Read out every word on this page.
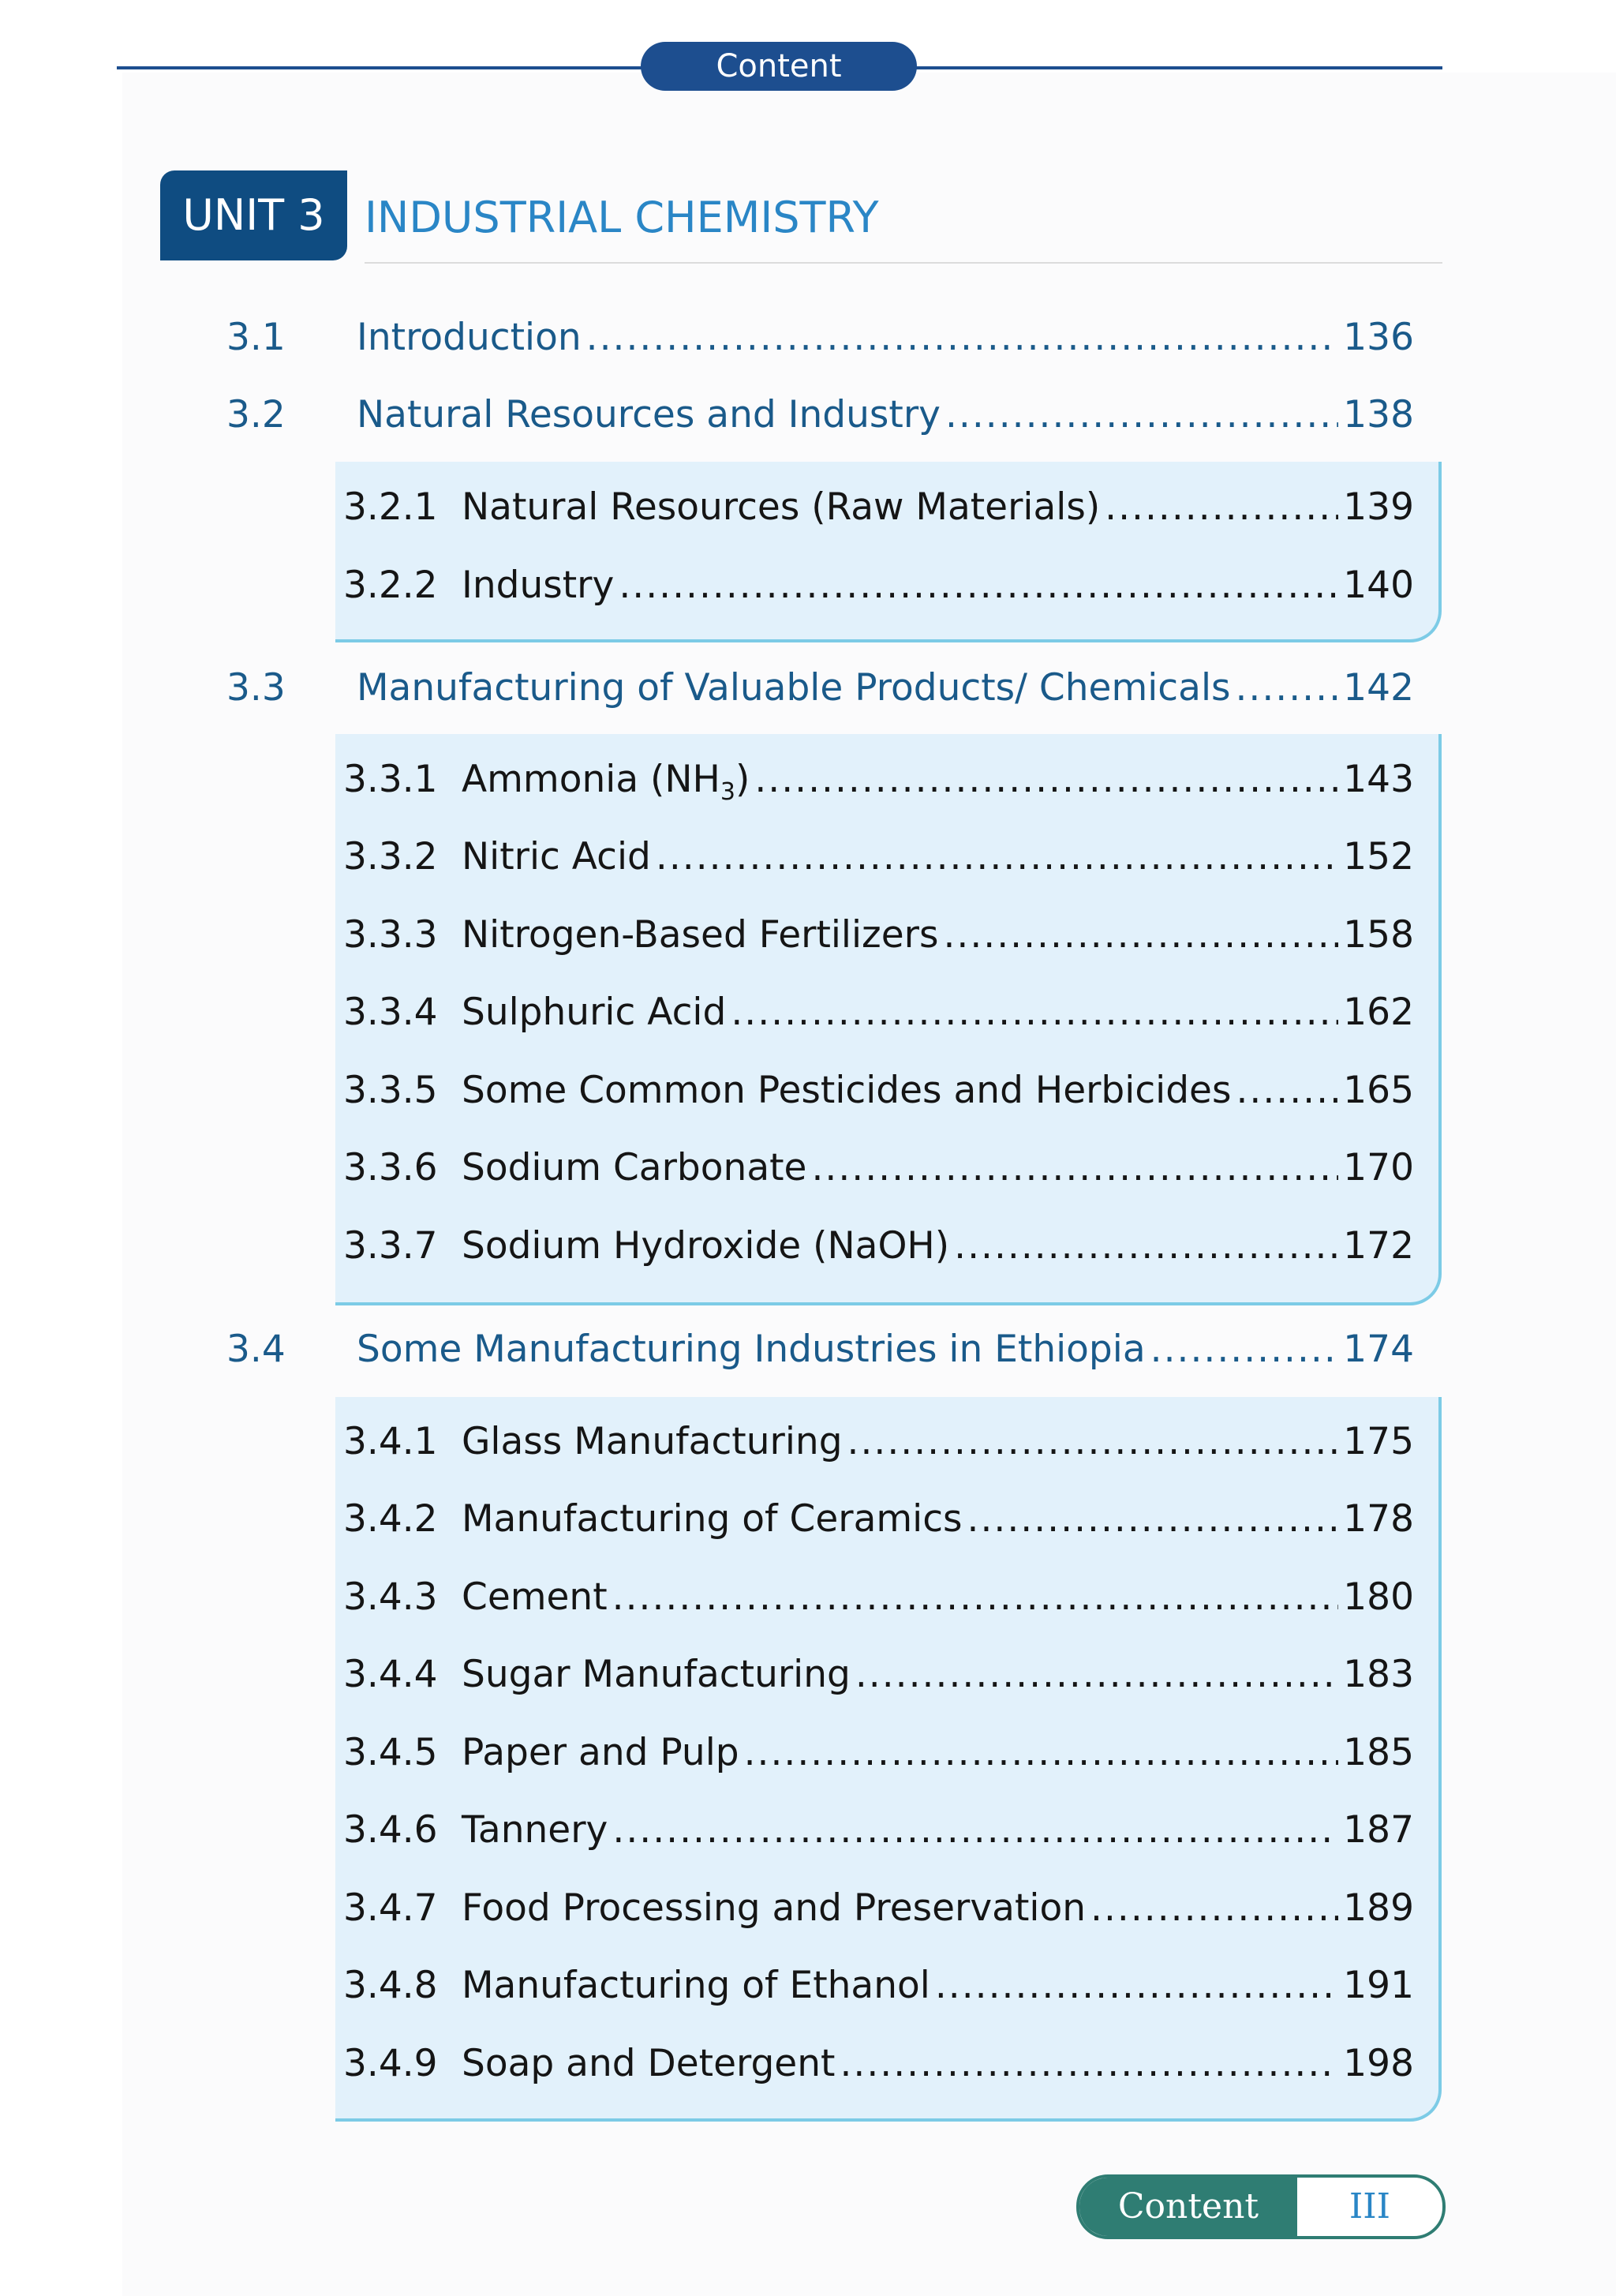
Content
UNIT 3 INDUSTRIAL CHEMISTRY
3.1	Introduction .....	136
3.2	Natural Resources and Industry .....	138
3.2.1 Natural Resources (Raw Materials) .....	139
3.2.2 Industry .....	140
3.3	Manufacturing of Valuable Products/ Chemicals .....	142
3.3.1 Ammonia $(NH_3)$ .....	143
3.3.2 Nitric Acid .....	152
3.3.3 Nitrogen-Based Fertilizers .....	158
3.3.4 Sulphuric Acid .....	162
3.3.5 Some Common Pesticides and Herbicides .....	165
3.3.6 Sodium Carbonate .....	170
3.3.7 Sodium Hydroxide (NaOH) .....	172
3.4	Some Manufacturing Industries in Ethiopia .....	174
3.4.1 Glass Manufacturing .....	175
3.4.2 Manufacturing of Ceramics .....	178
3.4.3 Cement .....	180
3.4.4 Sugar Manufacturing .....	183
3.4.5 Paper and Pulp .....	185
3.4.6 Tannery .....	187
3.4.7 Food Processing and Preservation .....	189
3.4.8 Manufacturing of Ethanol .....	191
3.4.9 Soap and Detergent .....	198
Content	III
